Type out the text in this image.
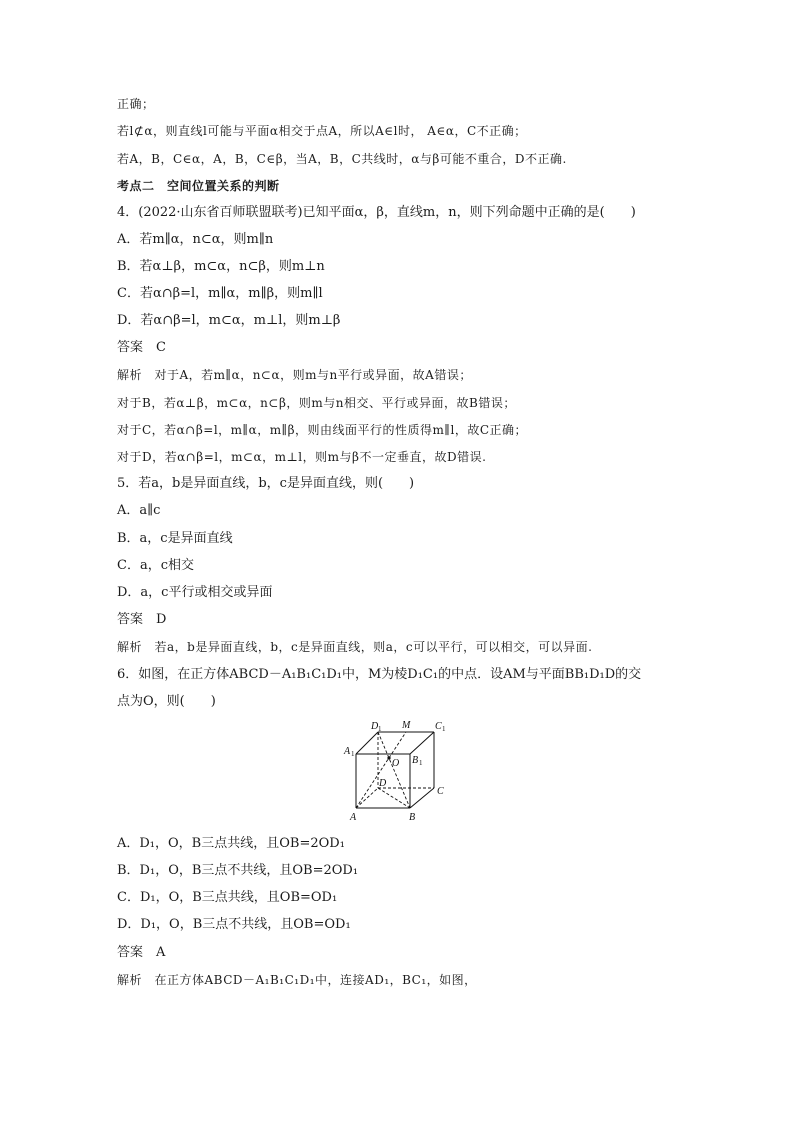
正确；
若l⊄α，则直线l可能与平面α相交于点A，所以A∈l时， A∈α，C不正确；
若A，B，C∈α，A，B，C∈β，当A，B，C共线时，α与β可能不重合，D不正确.
考点二　空间位置关系的判断
4．(2022·山东省百师联盟联考)已知平面α，β，直线m，n，则下列命题中正确的是(　　)
A．若m∥α，n⊂α，则m∥n
B．若α⊥β，m⊂α，n⊂β，则m⊥n
C．若α∩β=l，m∥α，m∥β，则m∥l
D．若α∩β=l，m⊂α，m⊥l，则m⊥β
答案　C
解析　对于A，若m∥α，n⊂α，则m与n平行或异面，故A错误；
对于B，若α⊥β，m⊂α，n⊂β，则m与n相交、平行或异面，故B错误；
对于C，若α∩β=l，m∥α，m∥β，则由线面平行的性质得m∥l，故C正确；
对于D，若α∩β=l，m⊂α，m⊥l，则m与β不一定垂直，故D错误.
5．若a，b是异面直线，b，c是异面直线，则(　　)
A．a∥c
B．a，c是异面直线
C．a，c相交
D．a，c平行或相交或异面
答案　D
解析　若a，b是异面直线，b，c是异面直线，则a，c可以平行，可以相交，可以异面.
6．如图，在正方体ABCD－A₁B₁C₁D₁中，M为棱D₁C₁的中点．设AM与平面BB₁D₁D的交
点为O，则(　　)
D 1 M C 1
A 1
O B 1
D
C
A	B
A．D₁，O，B三点共线，且OB=2OD₁
B．D₁，O，B三点不共线，且OB=2OD₁
C．D₁，O，B三点共线，且OB=OD₁
D．D₁，O，B三点不共线，且OB=OD₁
答案　A
解析　在正方体ABCD－A₁B₁C₁D₁中，连接AD₁，BC₁，如图，
